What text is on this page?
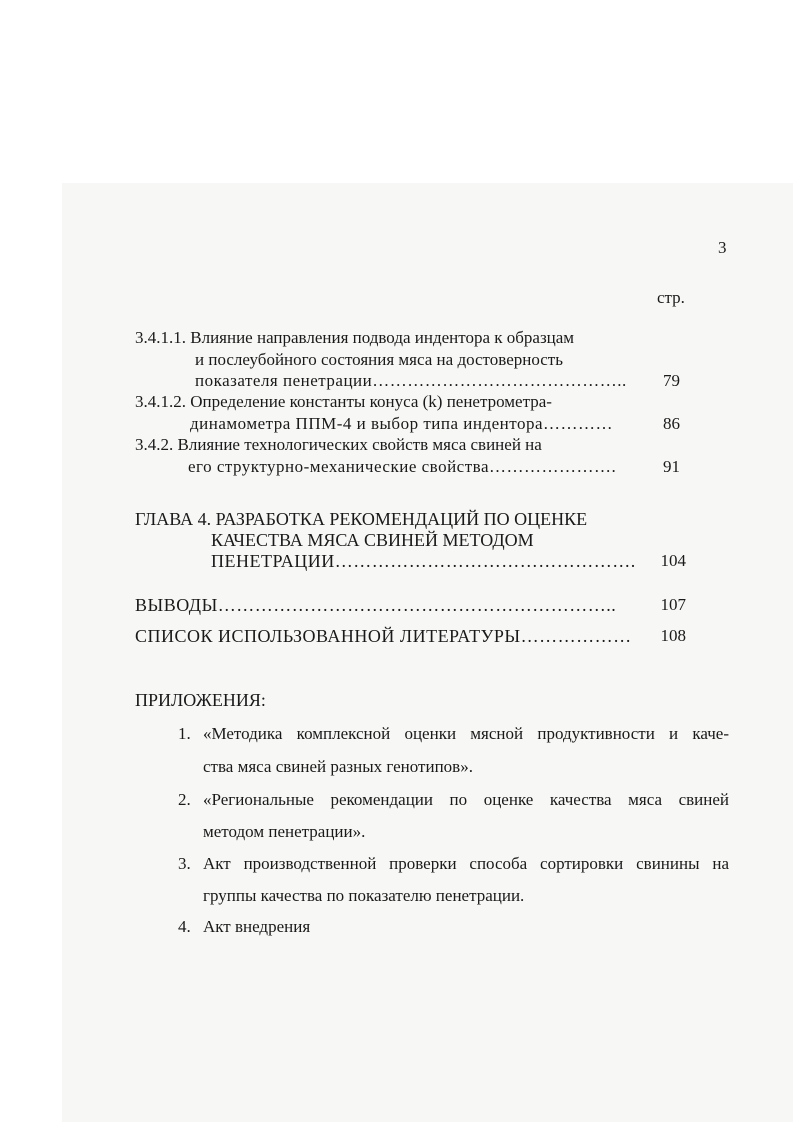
3
стр.
3.4.1.1. Влияние направления подвода индентора к образцам
и послеубойного состояния мяса на достоверность
показателя пенетрации……………………………………..	79
3.4.1.2. Определение константы конуса (k) пенетрометра-
динамометра ППМ-4 и выбор типа индентора…………	86
3.4.2. Влияние технологических свойств мяса свиней на
его структурно-механические свойства………………….	91
ГЛАВА 4. РАЗРАБОТКА РЕКОМЕНДАЦИЙ ПО ОЦЕНКЕ
КАЧЕСТВА МЯСА СВИНЕЙ МЕТОДОМ
ПЕНЕТРАЦИИ………………………………………….	104
ВЫВОДЫ………………………………………………………..	107
СПИСОК ИСПОЛЬЗОВАННОЙ ЛИТЕРАТУРЫ………………	108
ПРИЛОЖЕНИЯ:
1. «Методика комплексной оценки мясной продуктивности и каче-
ства мяса свиней разных генотипов».
2. «Региональные рекомендации по оценке качества мяса свиней
методом пенетрации».
3. Акт производственной проверки способа сортировки свинины на
группы качества по показателю пенетрации.
4. Акт внедрения
